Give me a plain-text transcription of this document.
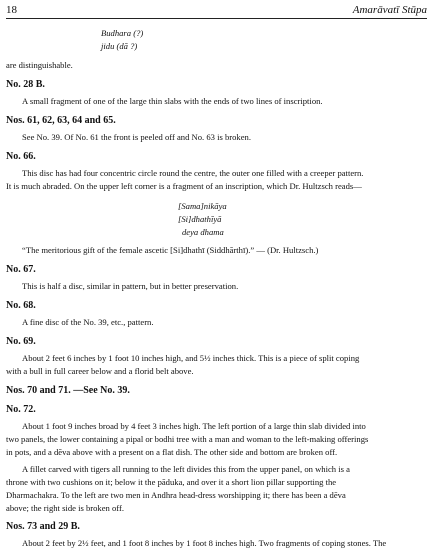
18	Amarāvatī Stūpa
Budhara (?)
jidu (dā ?)
are distinguishable.
No. 28 B.
A small fragment of one of the large thin slabs with the ends of two lines of inscription.
Nos. 61, 62, 63, 64 and 65.
See No. 39. Of No. 61 the front is peeled off and No. 63 is broken.
No. 66.
This disc has had four concentric circle round the centre, the outer one filled with a creeper pattern.
It is much abraded. On the upper left corner is a fragment of an inscription, which Dr. Hultzsch reads—
[Sama]nikāya
[Si]dhathīyā
deya dhama
“The meritorious gift of the female ascetic [Si]dhathī (Siddhārthī).” — (Dr. Hultzsch.)
No. 67.
This is half a disc, similar in pattern, but in better preservation.
No. 68.
A fine disc of the No. 39, etc., pattern.
No. 69.
About 2 feet 6 inches by 1 foot 10 inches high, and 5½ inches thick. This is a piece of split coping
with a bull in full career below and a florid belt above.
Nos. 70 and 71. —See No. 39.
No. 72.
About 1 foot 9 inches broad by 4 feet 3 inches high. The left portion of a large thin slab divided into
two panels, the lower containing a pipal or bodhi tree with a man and woman to the left-making offerings
in pots, and a dēva above with a present on a flat dish. The other side and bottom are broken off.
A fillet carved with tigers all running to the left divides this from the upper panel, on which is a
throne with two cushions on it; below it the pāduka, and over it a short lion pillar supporting the
Dharmachakra. To the left are two men in Andhra head-dress worshipping it; there has been a dēva
above; the right side is broken off.
Nos. 73 and 29 B.
About 2 feet by 2½ feet, and 1 foot 8 inches by 1 foot 8 inches high. Two fragments of coping stones. The
